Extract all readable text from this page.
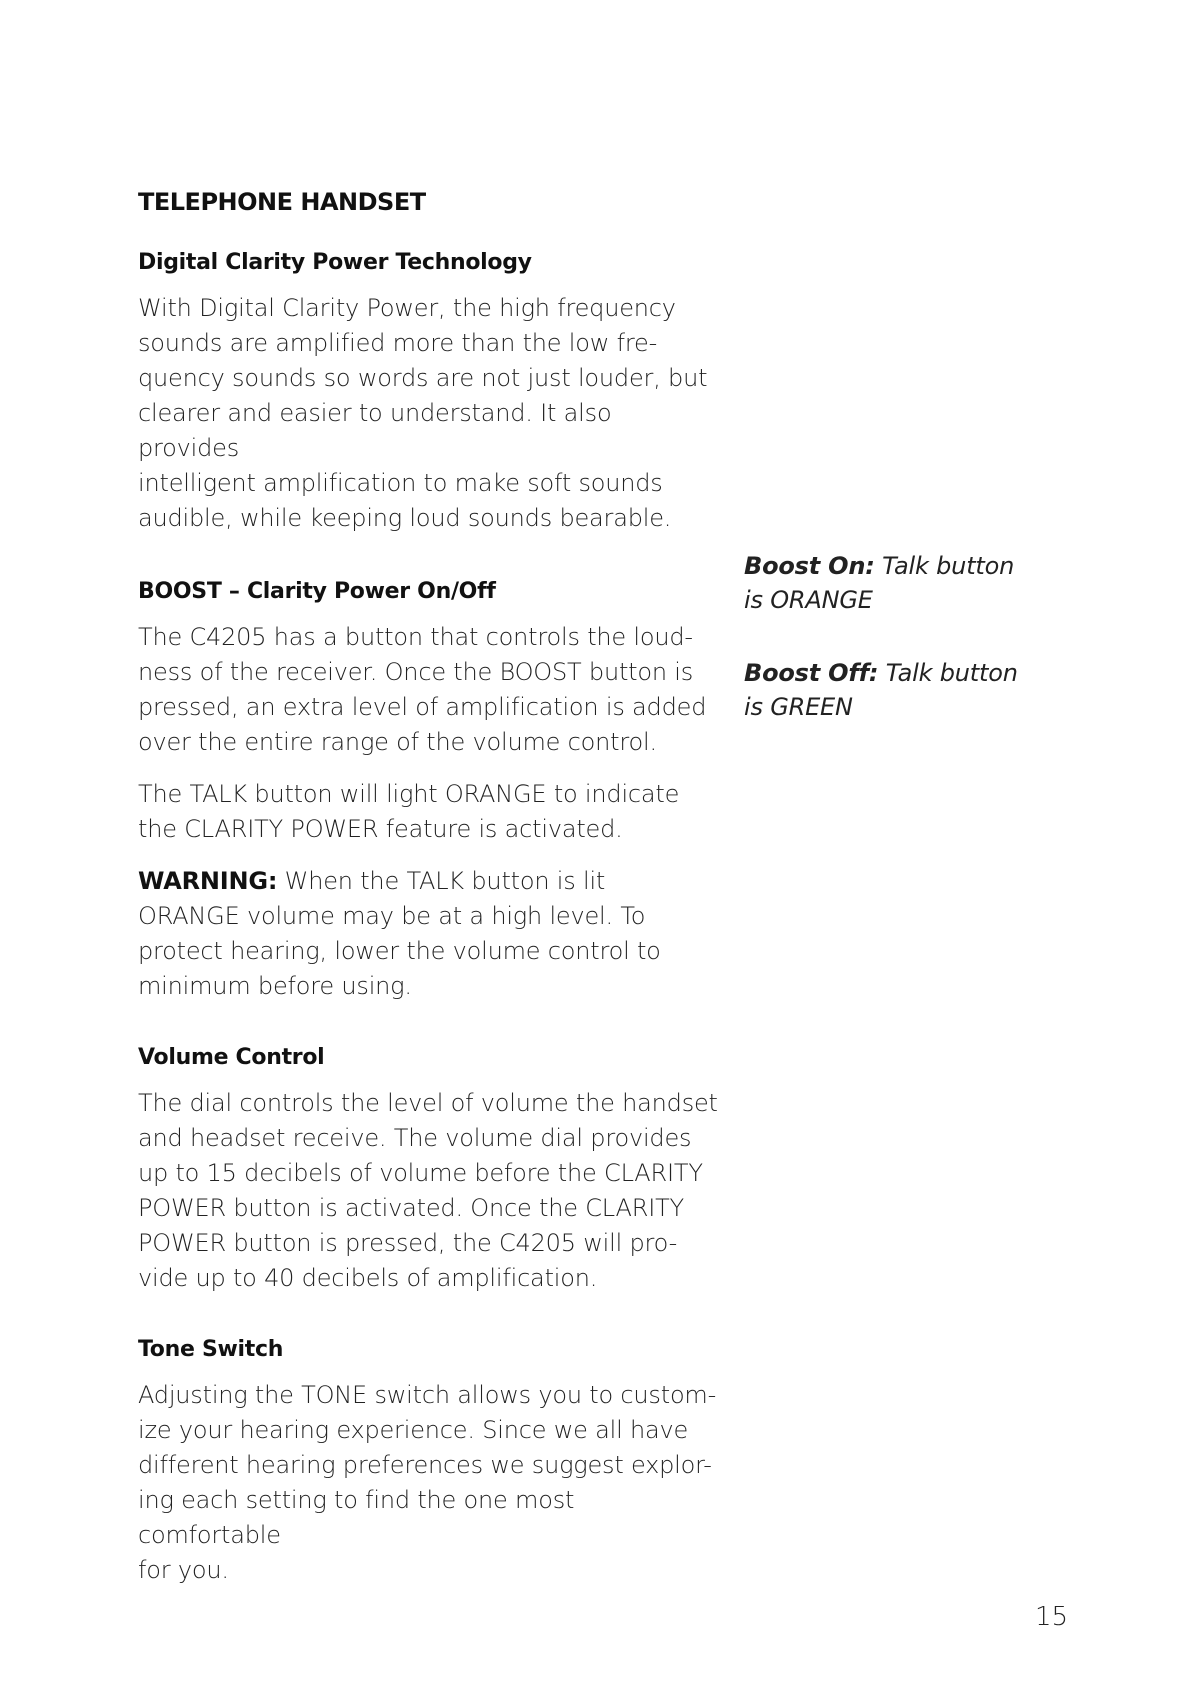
TELEPHONE HANDSET
Digital Clarity Power Technology

With Digital Clarity Power, the high frequency
sounds are amplified more than the low fre-
quency sounds so words are not just louder, but
clearer and easier to understand. It also provides
intelligent amplification to make soft sounds
audible, while keeping loud sounds bearable.

BOOST – Clarity Power On/Off

The C4205 has a button that controls the loud-
ness of the receiver. Once the BOOST button is
pressed, an extra level of amplification is added
over the entire range of the volume control.

The TALK button will light ORANGE to indicate
the CLARITY POWER feature is activated.

WARNING: When the TALK button is lit
ORANGE volume may be at a high level. To
protect hearing, lower the volume control to
minimum before using.

Volume Control

The dial controls the level of volume the handset
and headset receive. The volume dial provides
up to 15 decibels of volume before the CLARITY
POWER button is activated. Once the CLARITY
POWER button is pressed, the C4205 will pro-
vide up to 40 decibels of amplification.

Tone Switch

Adjusting the TONE switch allows you to custom-
ize your hearing experience. Since we all have
different hearing preferences we suggest explor-
ing each setting to find the one most comfortable
for you.

Boost On: Talk button
is ORANGE

Boost Off: Talk button
is GREEN

15
